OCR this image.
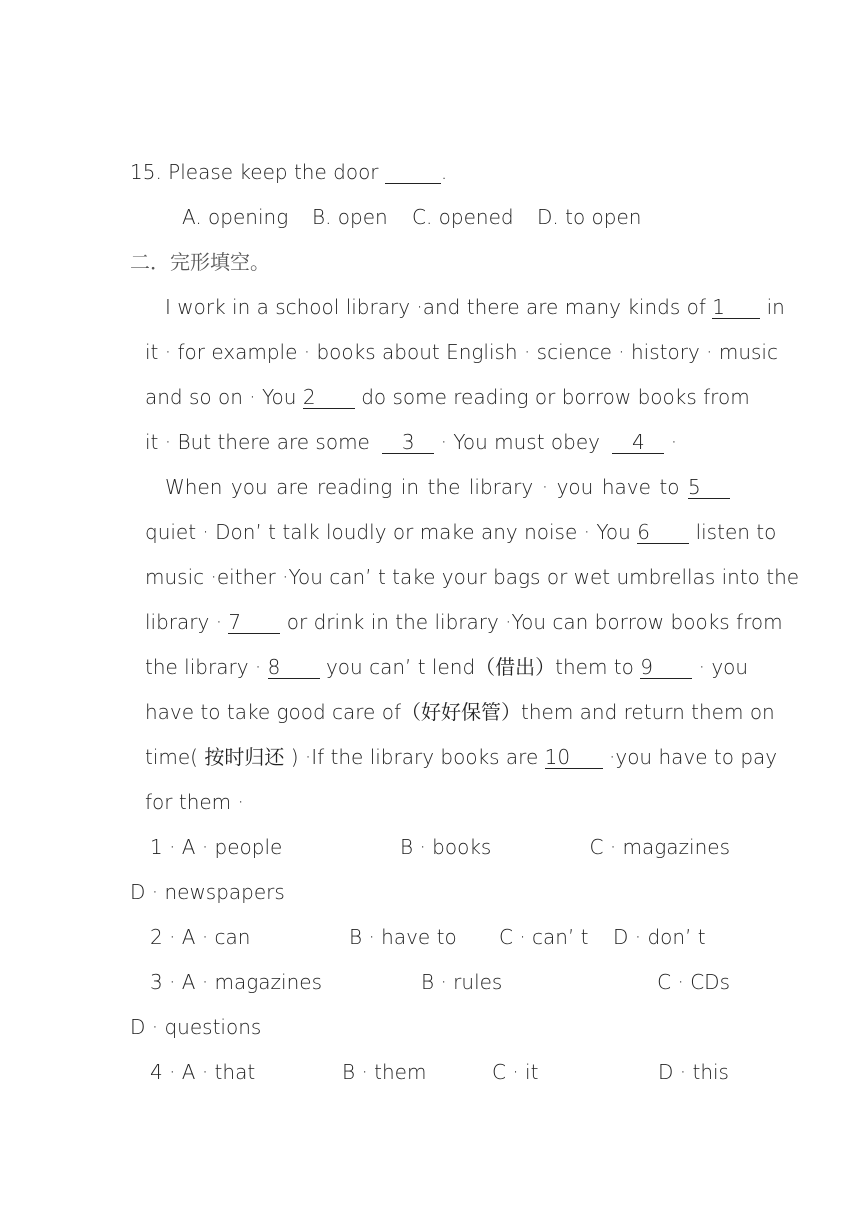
15. Please keep the door	.
A. opening B. open C. opened D. to open
二．完形填空。
I work in a school library ·and there are many kinds of 1 in
it · for example · books about English · science · history · music
and so on · You 2 do some reading or borrow books from
it · But there are some 3 · You must obey 4 ·
When you are reading in the library · you have to 5
quiet · Don’ t talk loudly or make any noise · You 6 listen to
music ·either ·You can’ t take your bags or wet umbrellas into the
library · 7 or drink in the library ·You can borrow books from
the library · 8 you can’ t lend（借出）them to 9 · you
have to take good care of（好好保管）them and return them on
time( 按时归还 ) ·If the library books are 10 ·you have to pay
for them ·
1 · A · people	B · books	C · magazines
D · newspapers
2 · A · can	B · have to C · can’ t D · don’ t
3 · A · magazines	B · rules	C · CDs
D · questions
4 · A · that	B · them	C · it	D · this
